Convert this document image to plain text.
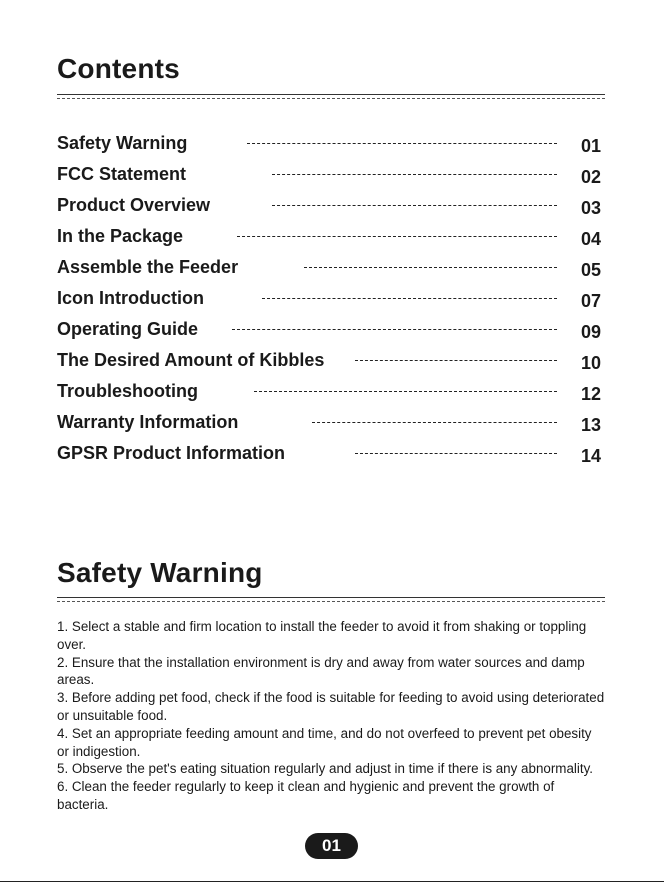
Contents
Safety Warning	01
FCC Statement	02
Product Overview	03
In the Package	04
Assemble the Feeder	05
Icon Introduction	07
Operating Guide	09
The Desired Amount of Kibbles	10
Troubleshooting	12
Warranty Information	13
GPSR Product Information	14
Safety Warning

1. Select a stable and firm location to install the feeder to avoid it from shaking or toppling over.

2. Ensure that the installation environment is dry and away from water sources and damp areas.

3. Before adding pet food, check if the food is suitable for feeding to avoid using deteriorated or unsuitable food.

4. Set an appropriate feeding amount and time, and do not overfeed to prevent pet obesity or indigestion.

5. Observe the pet's eating situation regularly and adjust in time if there is any abnormality.

6. Clean the feeder regularly to keep it clean and hygienic and prevent the growth of bacteria.

01
